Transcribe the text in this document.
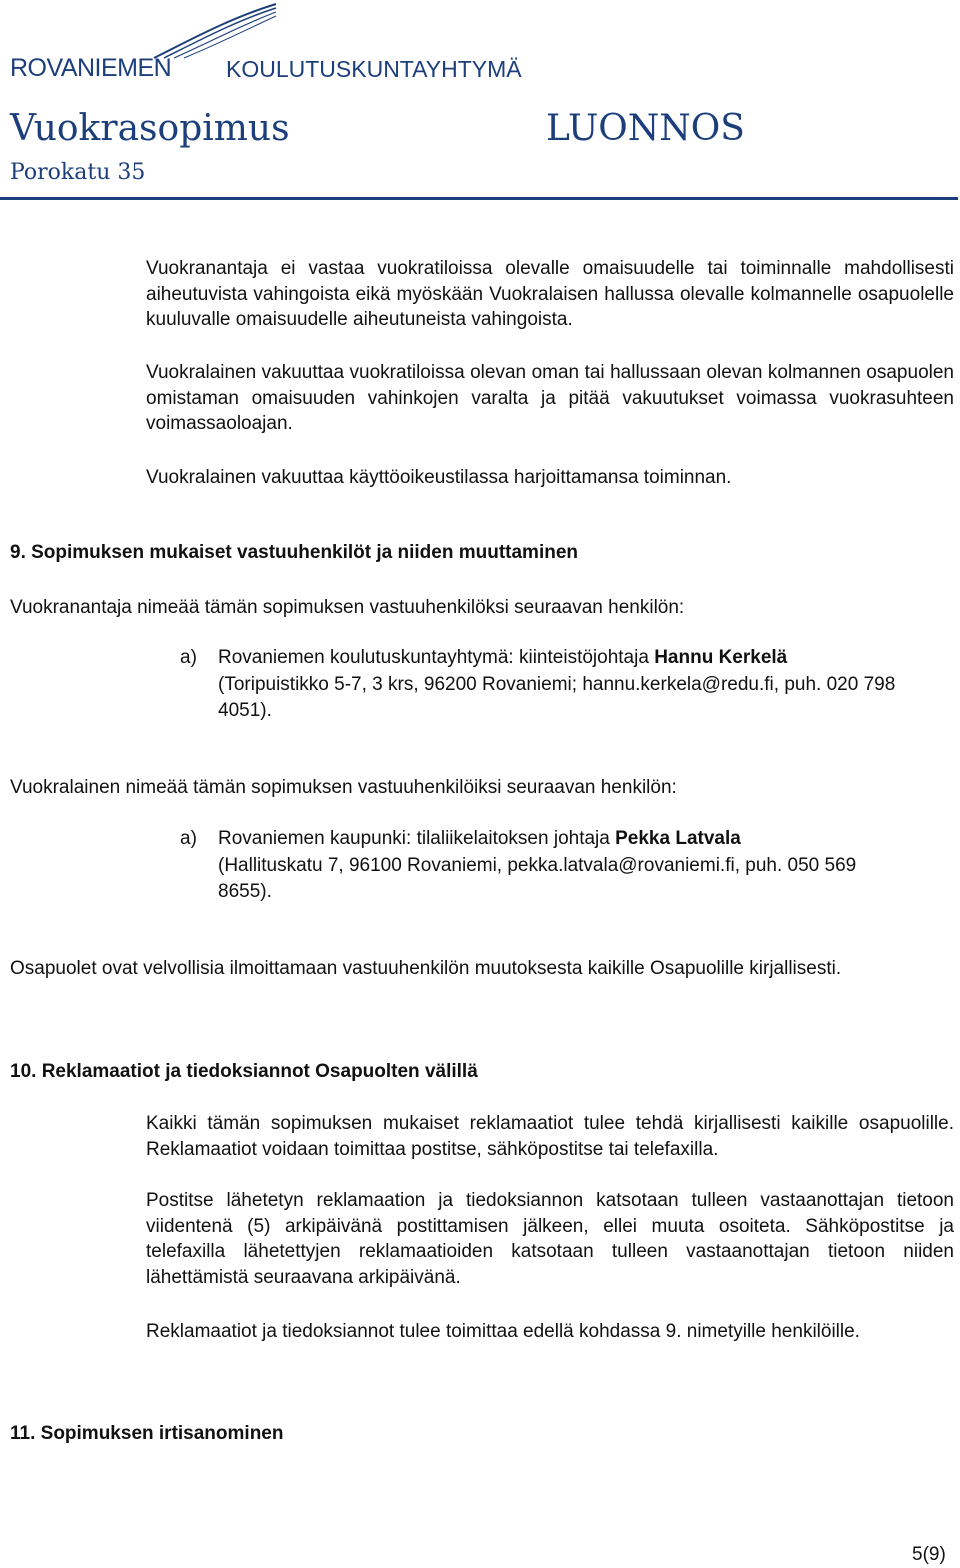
ROVANIEMEN KOULUTUSKUNTAYHTYMÄ
Vuokrasopimus	LUONNOS
Porokatu 35
Vuokranantaja ei vastaa vuokratiloissa olevalle omaisuudelle tai toiminnalle mahdollisesti aiheutuvista vahingoista eikä myöskään Vuokralaisen hallussa olevalle kolmannelle osapuolelle kuuluvalle omaisuudelle aiheutuneista vahingoista.
Vuokralainen vakuuttaa vuokratiloissa olevan oman tai hallussaan olevan kolmannen osapuolen omistaman omaisuuden vahinkojen varalta ja pitää vakuutukset voimassa vuokrasuhteen voimassaoloajan.
Vuokralainen vakuuttaa käyttöoikeustilassa harjoittamansa toiminnan.
9. Sopimuksen mukaiset vastuuhenkilöt ja niiden muuttaminen
Vuokranantaja nimeää tämän sopimuksen vastuuhenkilöksi seuraavan henkilön:
a) Rovaniemen koulutuskuntayhtymä: kiinteistöjohtaja Hannu Kerkelä
(Toripuistikko 5-7, 3 krs, 96200 Rovaniemi; hannu.kerkela@redu.fi, puh. 020 798 4051).
Vuokralainen nimeää tämän sopimuksen vastuuhenkilöiksi seuraavan henkilön:
a) Rovaniemen kaupunki: tilaliikelaitoksen johtaja Pekka Latvala
(Hallituskatu 7, 96100 Rovaniemi, pekka.latvala@rovaniemi.fi, puh. 050 569 8655).
Osapuolet ovat velvollisia ilmoittamaan vastuuhenkilön muutoksesta kaikille Osapuolille kirjallisesti.
10. Reklamaatiot ja tiedoksiannot Osapuolten välillä
Kaikki tämän sopimuksen mukaiset reklamaatiot tulee tehdä kirjallisesti kaikille osapuolille. Reklamaatiot voidaan toimittaa postitse, sähköpostitse tai telefaxilla.
Postitse lähetetyn reklamaation ja tiedoksiannon katsotaan tulleen vastaanottajan tietoon viidentenä (5) arkipäivänä postittamisen jälkeen, ellei muuta osoiteta. Sähköpostitse ja telefaxilla lähetettyjen reklamaatioiden katsotaan tulleen vastaanottajan tietoon niiden lähettämistä seuraavana arkipäivänä.
Reklamaatiot ja tiedoksiannot tulee toimittaa edellä kohdassa 9. nimetyille henkilöille.
11. Sopimuksen irtisanominen
5(9)
